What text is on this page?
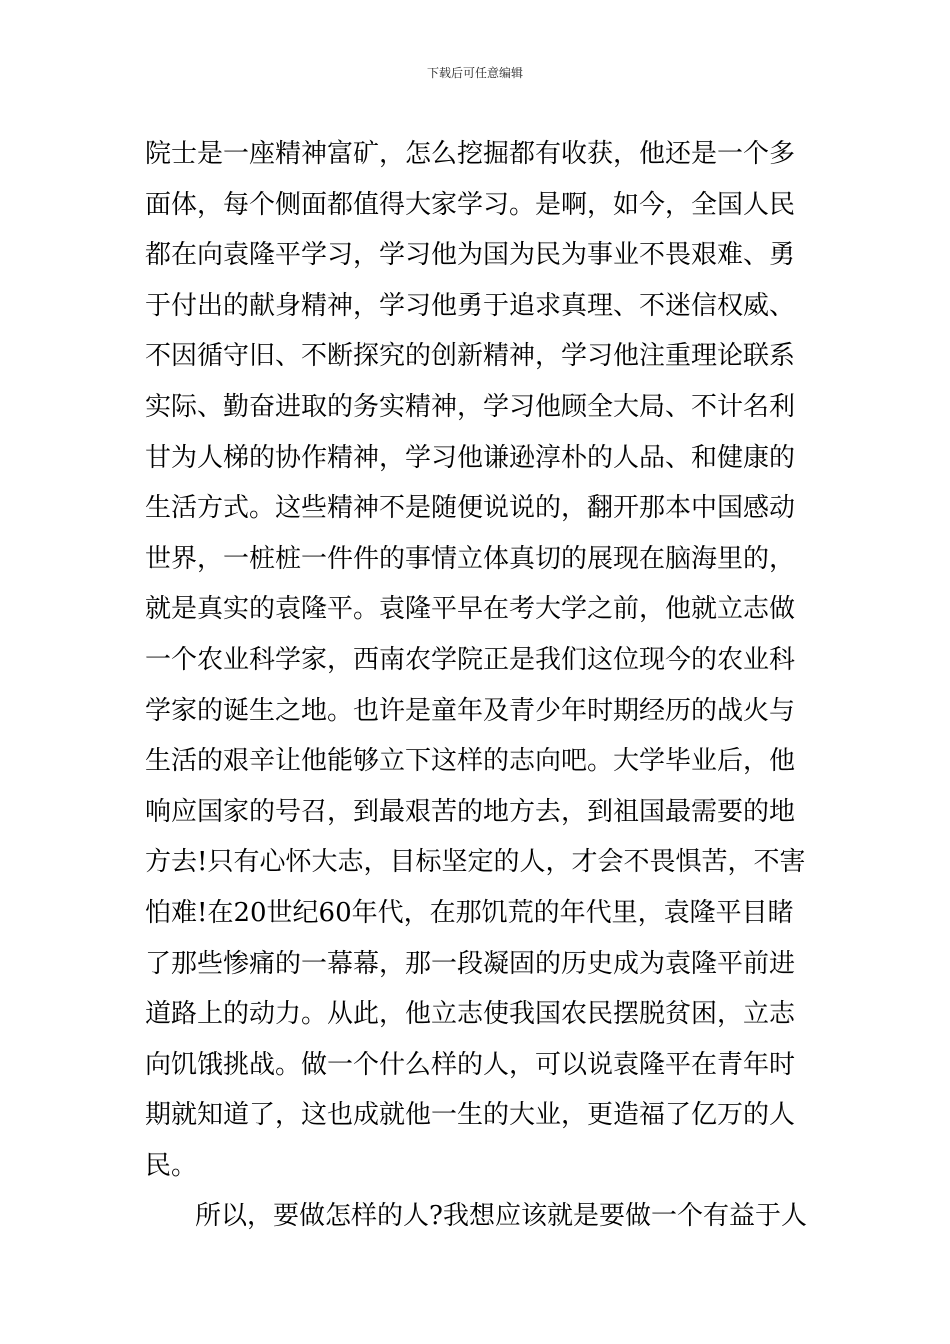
下载后可任意编辑
院士是一座精神富矿，怎么挖掘都有收获，他还是一个多
面体，每个侧面都值得大家学习。是啊，如今，全国人民
都在向袁隆平学习，学习他为国为民为事业不畏艰难、勇
于付出的献身精神，学习他勇于追求真理、不迷信权威、
不因循守旧、不断探究的创新精神，学习他注重理论联系
实际、勤奋进取的务实精神，学习他顾全大局、不计名利
甘为人梯的协作精神，学习他谦逊淳朴的人品、和健康的
生活方式。这些精神不是随便说说的，翻开那本中国感动
世界，一桩桩一件件的事情立体真切的展现在脑海里的，
就是真实的袁隆平。袁隆平早在考大学之前，他就立志做
一个农业科学家，西南农学院正是我们这位现今的农业科
学家的诞生之地。也许是童年及青少年时期经历的战火与
生活的艰辛让他能够立下这样的志向吧。大学毕业后，他
响应国家的号召，到最艰苦的地方去，到祖国最需要的地
方去!只有心怀大志，目标坚定的人，才会不畏惧苦，不害
怕难!在20世纪60年代，在那饥荒的年代里，袁隆平目睹
了那些惨痛的一幕幕，那一段凝固的历史成为袁隆平前进
道路上的动力。从此，他立志使我国农民摆脱贫困，立志
向饥饿挑战。做一个什么样的人，可以说袁隆平在青年时
期就知道了，这也成就他一生的大业，更造福了亿万的人
民。
所以，要做怎样的人?我想应该就是要做一个有益于人
